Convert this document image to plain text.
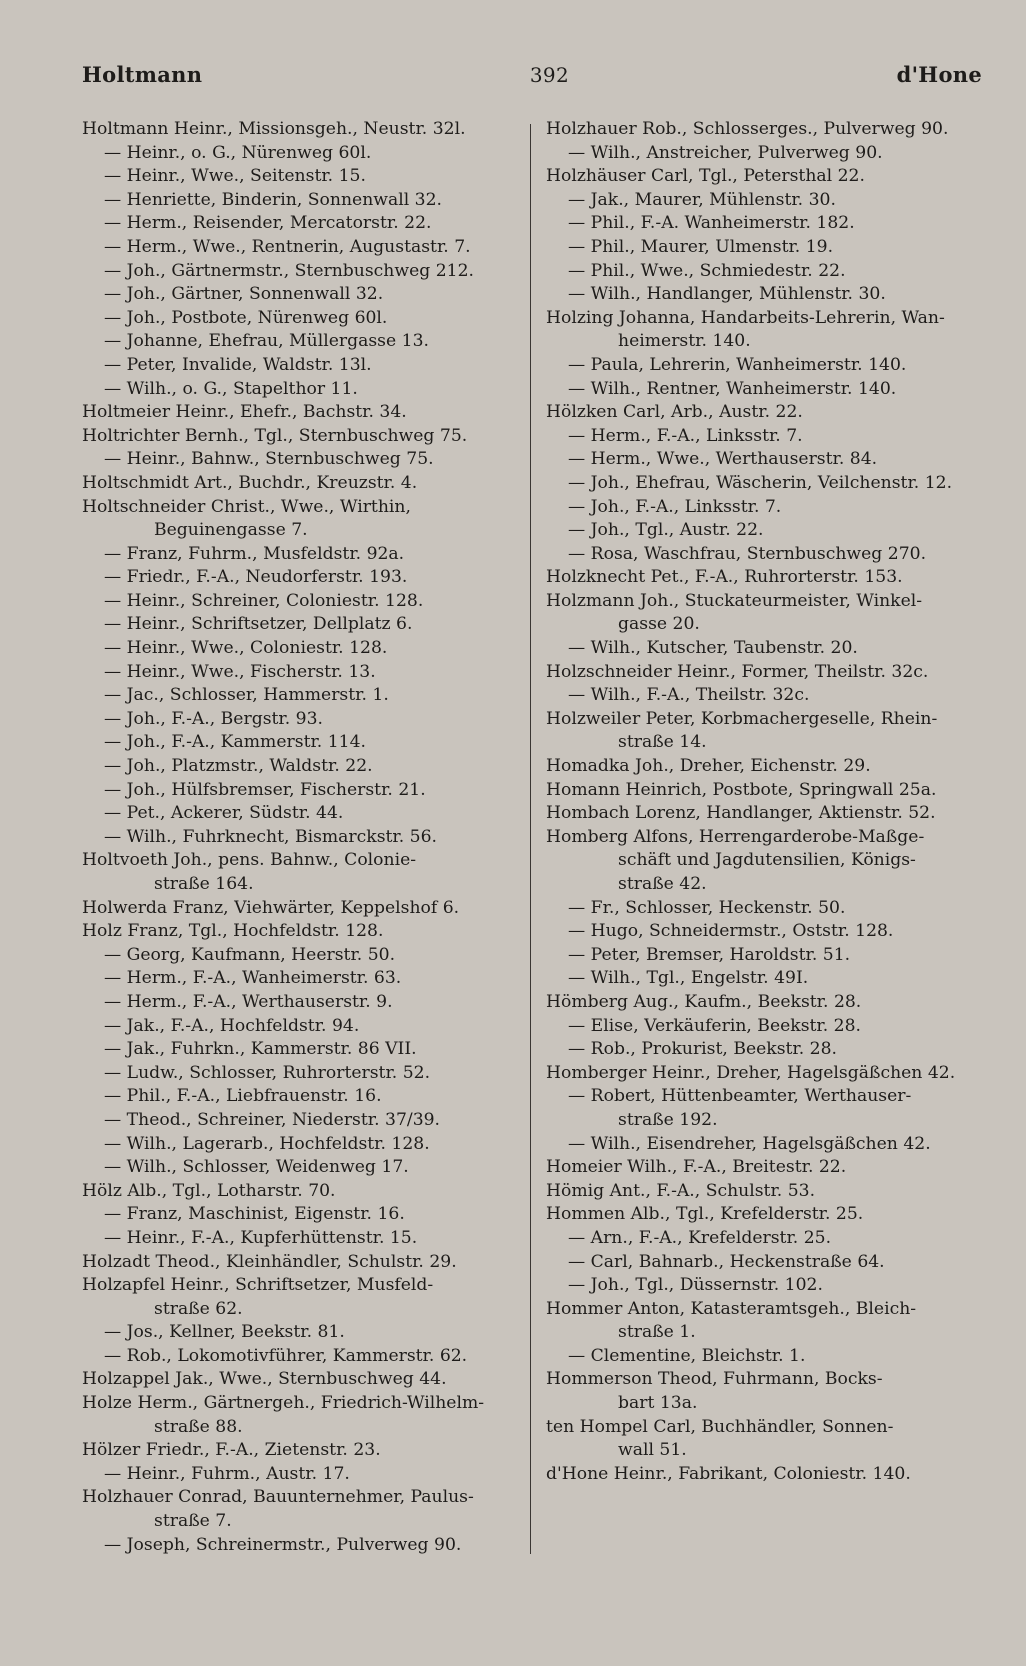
Holtmann	392	d'Hone
Holtmann Heinr., Missionsgeh., Neustr. 32l.
— Heinr., o. G., Nürenweg 60l.
— Heinr., Wwe., Seitenstr. 15.
— Henriette, Binderin, Sonnenwall 32.
— Herm., Reisender, Mercatorstr. 22.
— Herm., Wwe., Rentnerin, Augustastr. 7.
— Joh., Gärtnermstr., Sternbuschweg 212.
— Joh., Gärtner, Sonnenwall 32.
— Joh., Postbote, Nürenweg 60l.
— Johanne, Ehefrau, Müllergasse 13.
— Peter, Invalide, Waldstr. 13l.
— Wilh., o. G., Stapelthor 11.
Holtmeier Heinr., Ehefr., Bachstr. 34.
Holtrichter Bernh., Tgl., Sternbuschweg 75.
— Heinr., Bahnw., Sternbuschweg 75.
Holtschmidt Art., Buchdr., Kreuzstr. 4.
Holtschneider Christ., Wwe., Wirthin,
Beguinengasse 7.
— Franz, Fuhrm., Musfeldstr. 92a.
— Friedr., F.-A., Neudorferstr. 193.
— Heinr., Schreiner, Coloniestr. 128.
— Heinr., Schriftsetzer, Dellplatz 6.
— Heinr., Wwe., Coloniestr. 128.
— Heinr., Wwe., Fischerstr. 13.
— Jac., Schlosser, Hammerstr. 1.
— Joh., F.-A., Bergstr. 93.
— Joh., F.-A., Kammerstr. 114.
— Joh., Platzmstr., Waldstr. 22.
— Joh., Hülfsbremser, Fischerstr. 21.
— Pet., Ackerer, Südstr. 44.
— Wilh., Fuhrknecht, Bismarckstr. 56.
Holtvoeth Joh., pens. Bahnw., Colonie-
straße 164.
Holwerda Franz, Viehwärter, Keppelshof 6.
Holz Franz, Tgl., Hochfeldstr. 128.
— Georg, Kaufmann, Heerstr. 50.
— Herm., F.-A., Wanheimerstr. 63.
— Herm., F.-A., Werthauserstr. 9.
— Jak., F.-A., Hochfeldstr. 94.
— Jak., Fuhrkn., Kammerstr. 86 VII.
— Ludw., Schlosser, Ruhrorterstr. 52.
— Phil., F.-A., Liebfrauenstr. 16.
— Theod., Schreiner, Niederstr. 37/39.
— Wilh., Lagerarb., Hochfeldstr. 128.
— Wilh., Schlosser, Weidenweg 17.
Hölz Alb., Tgl., Lotharstr. 70.
— Franz, Maschinist, Eigenstr. 16.
— Heinr., F.-A., Kupferhüttenstr. 15.
Holzadt Theod., Kleinhändler, Schulstr. 29.
Holzapfel Heinr., Schriftsetzer, Musfeld-
straße 62.
— Jos., Kellner, Beekstr. 81.
— Rob., Lokomotivführer, Kammerstr. 62.
Holzappel Jak., Wwe., Sternbuschweg 44.
Holze Herm., Gärtnergeh., Friedrich-Wilhelm-
straße 88.
Hölzer Friedr., F.-A., Zietenstr. 23.
— Heinr., Fuhrm., Austr. 17.
Holzhauer Conrad, Bauunternehmer, Paulus-
straße 7.
— Joseph, Schreinermstr., Pulverweg 90.
Holzhauer Rob., Schlosserges., Pulverweg 90.
— Wilh., Anstreicher, Pulverweg 90.
Holzhäuser Carl, Tgl., Petersthal 22.
— Jak., Maurer, Mühlenstr. 30.
— Phil., F.-A. Wanheimerstr. 182.
— Phil., Maurer, Ulmenstr. 19.
— Phil., Wwe., Schmiedestr. 22.
— Wilh., Handlanger, Mühlenstr. 30.
Holzing Johanna, Handarbeits-Lehrerin, Wan-
heimerstr. 140.
— Paula, Lehrerin, Wanheimerstr. 140.
— Wilh., Rentner, Wanheimerstr. 140.
Hölzken Carl, Arb., Austr. 22.
— Herm., F.-A., Linksstr. 7.
— Herm., Wwe., Werthauserstr. 84.
— Joh., Ehefrau, Wäscherin, Veilchenstr. 12.
— Joh., F.-A., Linksstr. 7.
— Joh., Tgl., Austr. 22.
— Rosa, Waschfrau, Sternbuschweg 270.
Holzknecht Pet., F.-A., Ruhrorterstr. 153.
Holzmann Joh., Stuckateurmeister, Winkel-
gasse 20.
— Wilh., Kutscher, Taubenstr. 20.
Holzschneider Heinr., Former, Theilstr. 32c.
— Wilh., F.-A., Theilstr. 32c.
Holzweiler Peter, Korbmachergeselle, Rhein-
straße 14.
Homadka Joh., Dreher, Eichenstr. 29.
Homann Heinrich, Postbote, Springwall 25a.
Hombach Lorenz, Handlanger, Aktienstr. 52.
Homberg Alfons, Herrengarderobe-Maßge-
schäft und Jagdutensilien, Königs-
straße 42.
— Fr., Schlosser, Heckenstr. 50.
— Hugo, Schneidermstr., Oststr. 128.
— Peter, Bremser, Haroldstr. 51.
— Wilh., Tgl., Engelstr. 49I.
Hömberg Aug., Kaufm., Beekstr. 28.
— Elise, Verkäuferin, Beekstr. 28.
— Rob., Prokurist, Beekstr. 28.
Homberger Heinr., Dreher, Hagelsgäßchen 42.
— Robert, Hüttenbeamter, Werthauser-
straße 192.
— Wilh., Eisendreher, Hagelsgäßchen 42.
Homeier Wilh., F.-A., Breitestr. 22.
Hömig Ant., F.-A., Schulstr. 53.
Hommen Alb., Tgl., Krefelderstr. 25.
— Arn., F.-A., Krefelderstr. 25.
— Carl, Bahnarb., Heckenstraße 64.
— Joh., Tgl., Düssernstr. 102.
Hommer Anton, Katasteramtsgeh., Bleich-
straße 1.
— Clementine, Bleichstr. 1.
Hommerson Theod, Fuhrmann, Bocks-
bart 13a.
ten Hompel Carl, Buchhändler, Sonnen-
wall 51.
d'Hone Heinr., Fabrikant, Coloniestr. 140.
